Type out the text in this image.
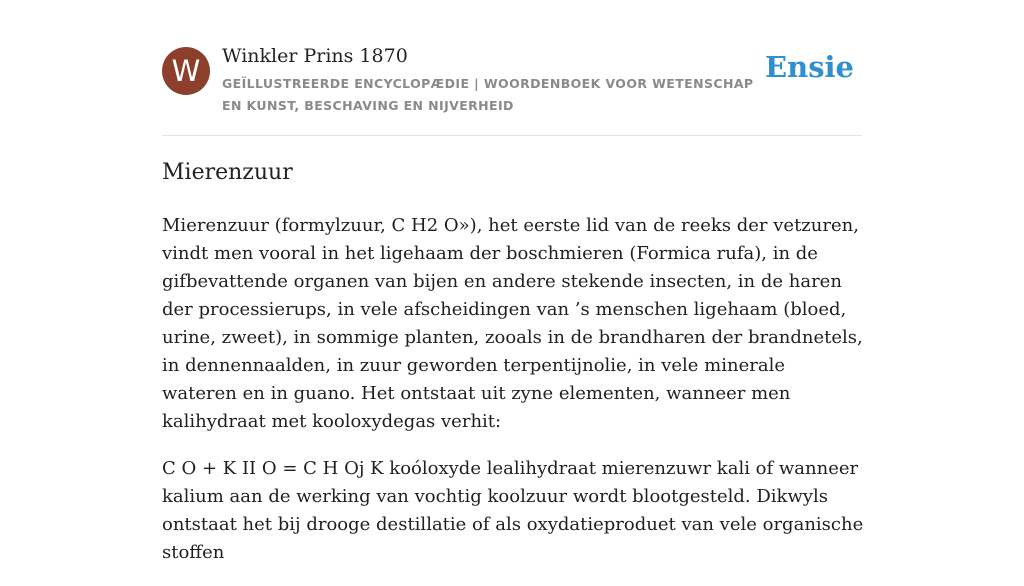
W	Winkler Prins 1870
GEÏLLUSTREERDE ENCYCLOPÆDIE | WOORDENBOEK VOOR WETENSCHAP EN KUNST, BESCHAVING EN NIJVERHEID
Ensie
Mierenzuur

Mierenzuur (formylzuur, C H2 O»), het eerste lid van de reeks der vetzuren, vindt men vooral in het ligehaam der boschmieren (Formica rufa), in de gifbevattende organen van bijen en andere stekende insecten, in de haren der processierups, in vele afscheidingen van ’s menschen ligehaam (bloed, urine, zweet), in sommige planten, zooals in de brandharen der brandnetels, in dennennaalden, in zuur geworden terpentijnolie, in vele minerale wateren en in guano. Het ontstaat uit zyne elementen, wanneer men kalihydraat met kooloxydegas verhit:

C O + K II O = C H Oj K koóloxyde lealihydraat mierenzuwr kali of wanneer kalium aan de werking van vochtig koolzuur wordt blootgesteld. Dikwyls ontstaat het bij drooge destillatie of als oxydatieproduet van vele organische stoffen
